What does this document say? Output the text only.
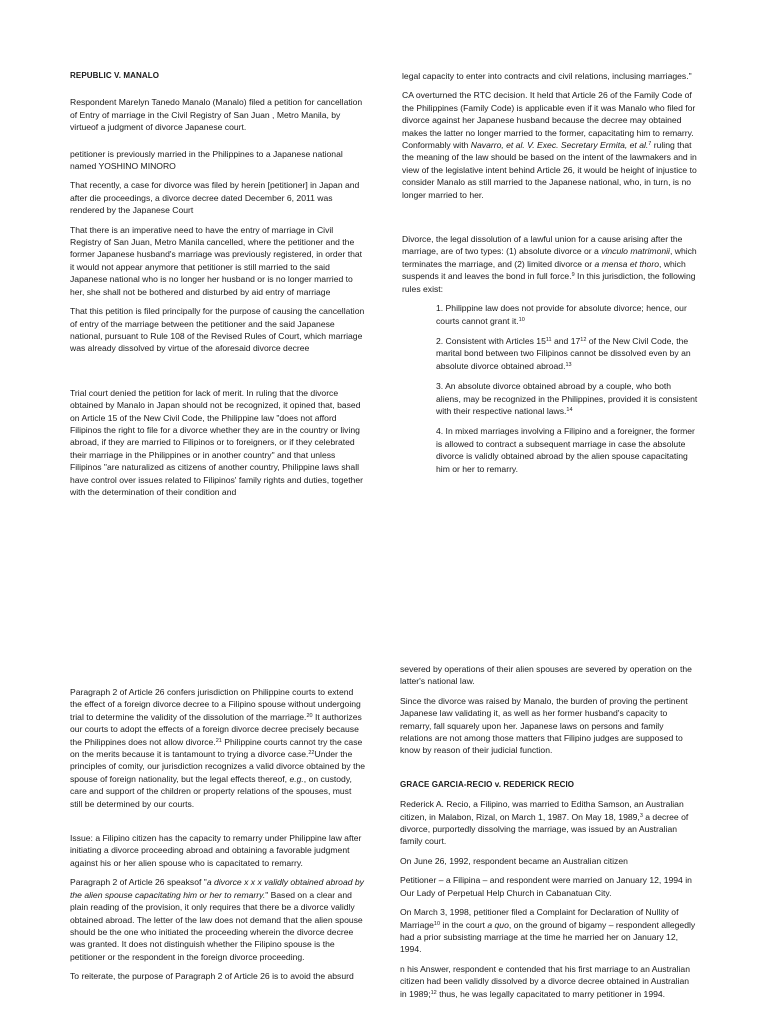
REPUBLIC V. MANALO

Respondent Marelyn Tanedo Manalo (Manalo) filed a petition for cancellation of Entry of marriage in the Civil Registry of San Juan , Metro Manila, by virtueof a judgment of divorce Japanese court.

petitioner is previously married in the Philippines to a Japanese national named YOSHINO MINORO

That recently, a case for divorce was filed by herein [petitioner] in Japan and after die proceedings, a divorce decree dated December 6, 2011 was rendered by the Japanese Court

That there is an imperative need to have the entry of marriage in Civil Registry of San Juan, Metro Manila cancelled, where the petitioner and the former Japanese husband's marriage was previously registered, in order that it would not appear anymore that petitioner is still married to the said Japanese national who is no longer her husband or is no longer married to her, she shall not be bothered and disturbed by aid entry of marriage

That this petition is filed principally for the purpose of causing the cancellation of entry of the marriage between the petitioner and the said Japanese national, pursuant to Rule 108 of the Revised Rules of Court, which marriage was already dissolved by virtue of the aforesaid divorce decree

Trial court denied the petition for lack of merit. In ruling that the divorce obtained by Manalo in Japan should not be recognized, it opined that, based on Article 15 of the New Civil Code, the Philippine law "does not afford Filipinos the right to file for a divorce whether they are in the country or living abroad, if they are married to Filipinos or to foreigners, or if they celebrated their marriage in the Philippines or in another country" and that unless Filipinos "are naturalized as citizens of another country, Philippine laws shall have control over issues related to Filipinos' family rights and duties, together with the determination of their condition and

legal capacity to enter into contracts and civil relations, inclusing marriages."

CA overturned the RTC decision. It held that Article 26 of the Family Code of the Philippines (Family Code) is applicable even if it was Manalo who filed for divorce against her Japanese husband because the decree may obtained makes the latter no longer married to the former, capacitating him to remarry. Conformably with Navarro, et al. V. Exec. Secretary Ermita, et al.$^7$ ruling that the meaning of the law should be based on the intent of the lawmakers and in view of the legislative intent behind Article 26, it would be height of injustice to consider Manalo as still married to the Japanese national, who, in turn, is no longer married to her.

Divorce, the legal dissolution of a lawful union for a cause arising after the marriage, are of two types: (1) absolute divorce or a vinculo matrimonii, which terminates the marriage, and (2) limited divorce or a mensa et thoro, which suspends it and leaves the bond in full force.$^9$ In this jurisdiction, the following rules exist:

1. Philippine law does not provide for absolute divorce; hence, our courts cannot grant it.$^{10}$

2. Consistent with Articles $15^{11}$ and $17^{12}$ of the New Civil Code, the marital bond between two Filipinos cannot be dissolved even by an absolute divorce obtained abroad.$^{13}$

3. An absolute divorce obtained abroad by a couple, who both aliens, may be recognized in the Philippines, provided it is consistent with their respective national laws.$^{14}$

4. In mixed marriages involving a Filipino and a foreigner, the former is allowed to contract a subsequent marriage in case the absolute divorce is validly obtained abroad by the alien spouse capacitating him or her to remarry.

Paragraph 2 of Article 26 confers jurisdiction on Philippine courts to extend the effect of a foreign divorce decree to a Filipino spouse without undergoing trial to determine the validity of the dissolution of the marriage.$^{20}$ It authorizes our courts to adopt the effects of a foreign divorce decree precisely because the Philippines does not allow divorce.$^{21}$ Philippine courts cannot try the case on the merits because it is tantamount to trying a divorce case.$^{22}$Under the principles of comity, our jurisdiction recognizes a valid divorce obtained by the spouse of foreign nationality, but the legal effects thereof, e.g., on custody, care and support of the children or property relations of the spouses, must still be determined by our courts.

Issue: a Filipino citizen has the capacity to remarry under Philippine law after initiating a divorce proceeding abroad and obtaining a favorable judgment against his or her alien spouse who is capacitated to remarry.

Paragraph 2 of Article 26 speaksof "a divorce x x x validly obtained abroad by the alien spouse capacitating him or her to remarry." Based on a clear and plain reading of the provision, it only requires that there be a divorce validly obtained abroad. The letter of the law does not demand that the alien spouse should be the one who initiated the proceeding wherein the divorce decree was granted. It does not distinguish whether the Filipino spouse is the petitioner or the respondent in the foreign divorce proceeding.

To reiterate, the purpose of Paragraph 2 of Article 26 is to avoid the absurd

severed by operations of their alien spouses are severed by operation on the latter's national law.

Since the divorce was raised by Manalo, the burden of proving the pertinent Japanese law validating it, as well as her former husband's capacity to remarry, fall squarely upon her. Japanese laws on persons and family relations are not among those matters that Filipino judges are supposed to know by reason of their judicial function.

GRACE GARCIA-RECIO v. REDERICK RECIO

Rederick A. Recio, a Filipino, was married to Editha Samson, an Australian citizen, in Malabon, Rizal, on March 1, 1987. On May 18, 1989,$^3$ a decree of divorce, purportedly dissolving the marriage, was issued by an Australian family court.

On June 26, 1992, respondent became an Australian citizen

Petitioner – a Filipina – and respondent were married on January 12, 1994 in Our Lady of Perpetual Help Church in Cabanatuan City.

On March 3, 1998, petitioner filed a Complaint for Declaration of Nullity of Marriage$^{10}$ in the court a quo, on the ground of bigamy – respondent allegedly had a prior subsisting marriage at the time he married her on January 12, 1994.

n his Answer, respondent e contended that his first marriage to an Australian citizen had been validly dissolved by a divorce decree obtained in Australian in 1989;$^{12}$ thus, he was legally capacitated to marry petitioner in 1994.
